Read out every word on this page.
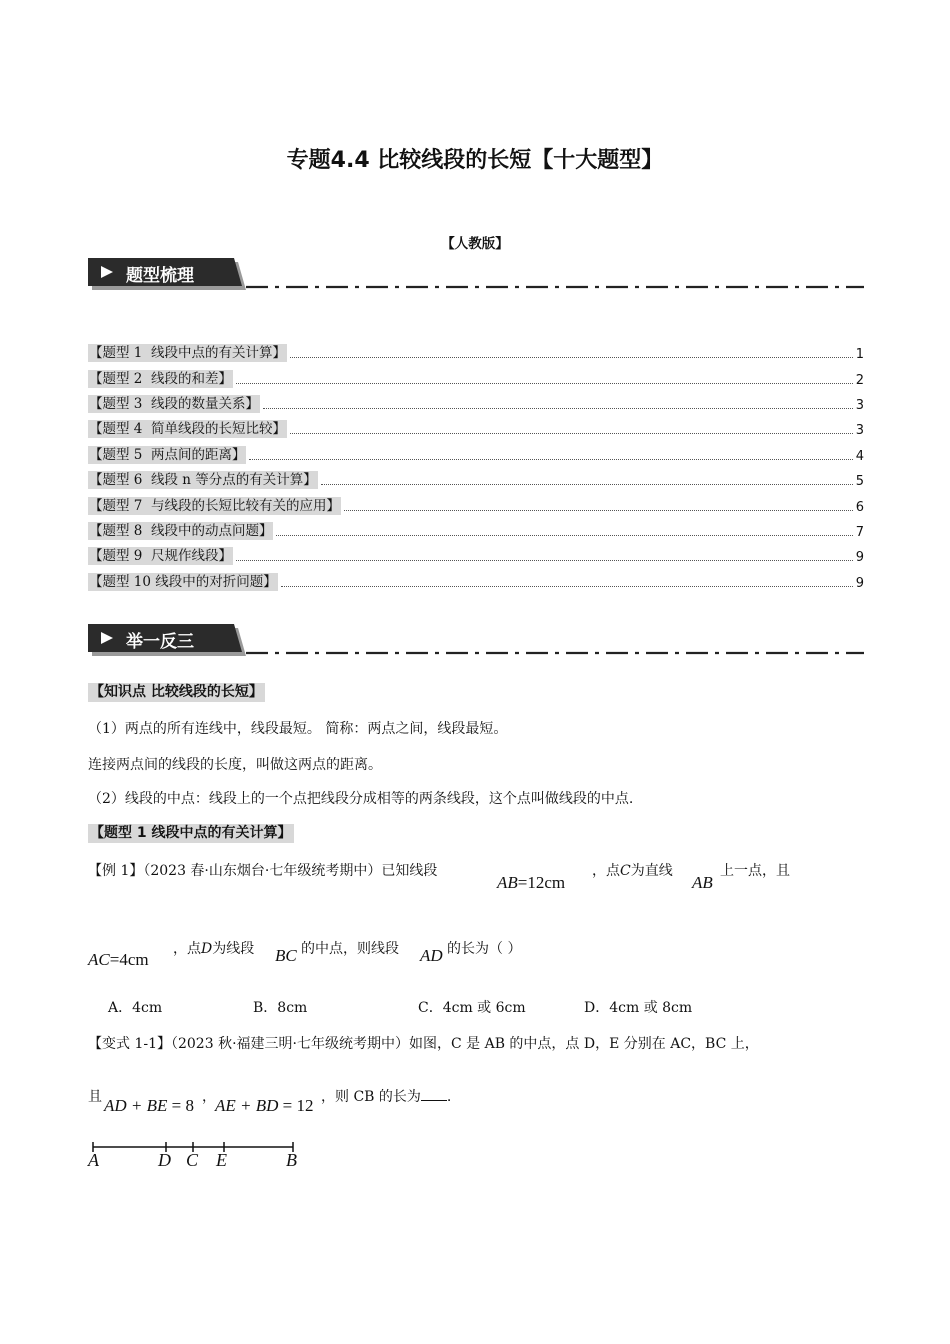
专题4.4 比较线段的长短【十大题型】
【人教版】
题型梳理
【题型 1  线段中点的有关计算】	1
【题型 2  线段的和差】	2
【题型 3  线段的数量关系】	3
【题型 4  简单线段的长短比较】	3
【题型 5  两点间的距离】	4
【题型 6  线段 n 等分点的有关计算】	5
【题型 7  与线段的长短比较有关的应用】	6
【题型 8  线段中的动点问题】	7
【题型 9  尺规作线段】	9
【题型 10 线段中的对折问题】	9
举一反三
【知识点 比较线段的长短】
（1）两点的所有连线中，线段最短。 简称：两点之间，线段最短。
连接两点间的线段的长度，叫做这两点的距离。
（2）线段的中点：线段上的一个点把线段分成相等的两条线段，这个点叫做线段的中点.
【题型 1 线段中点的有关计算】
【例 1】（2023 春·山东烟台·七年级统考期中）已知线段
AB=12cm
，点C为直线
AB
上一点，且
AC=4cm
，点D为线段 BC 的中点，则线段 AD 的长为（ ）
A．4cm	B．8cm	C．4cm 或 6cm	D．4cm 或 8cm
【变式 1-1】（2023 秋·福建三明·七年级统考期中）如图，C 是 AB 的中点，点 D，E 分别在 AC，BC 上，
且 AD + BE = 8 ， AE + BD = 12 ，则 CB 的长为 .
A	D C E	B
